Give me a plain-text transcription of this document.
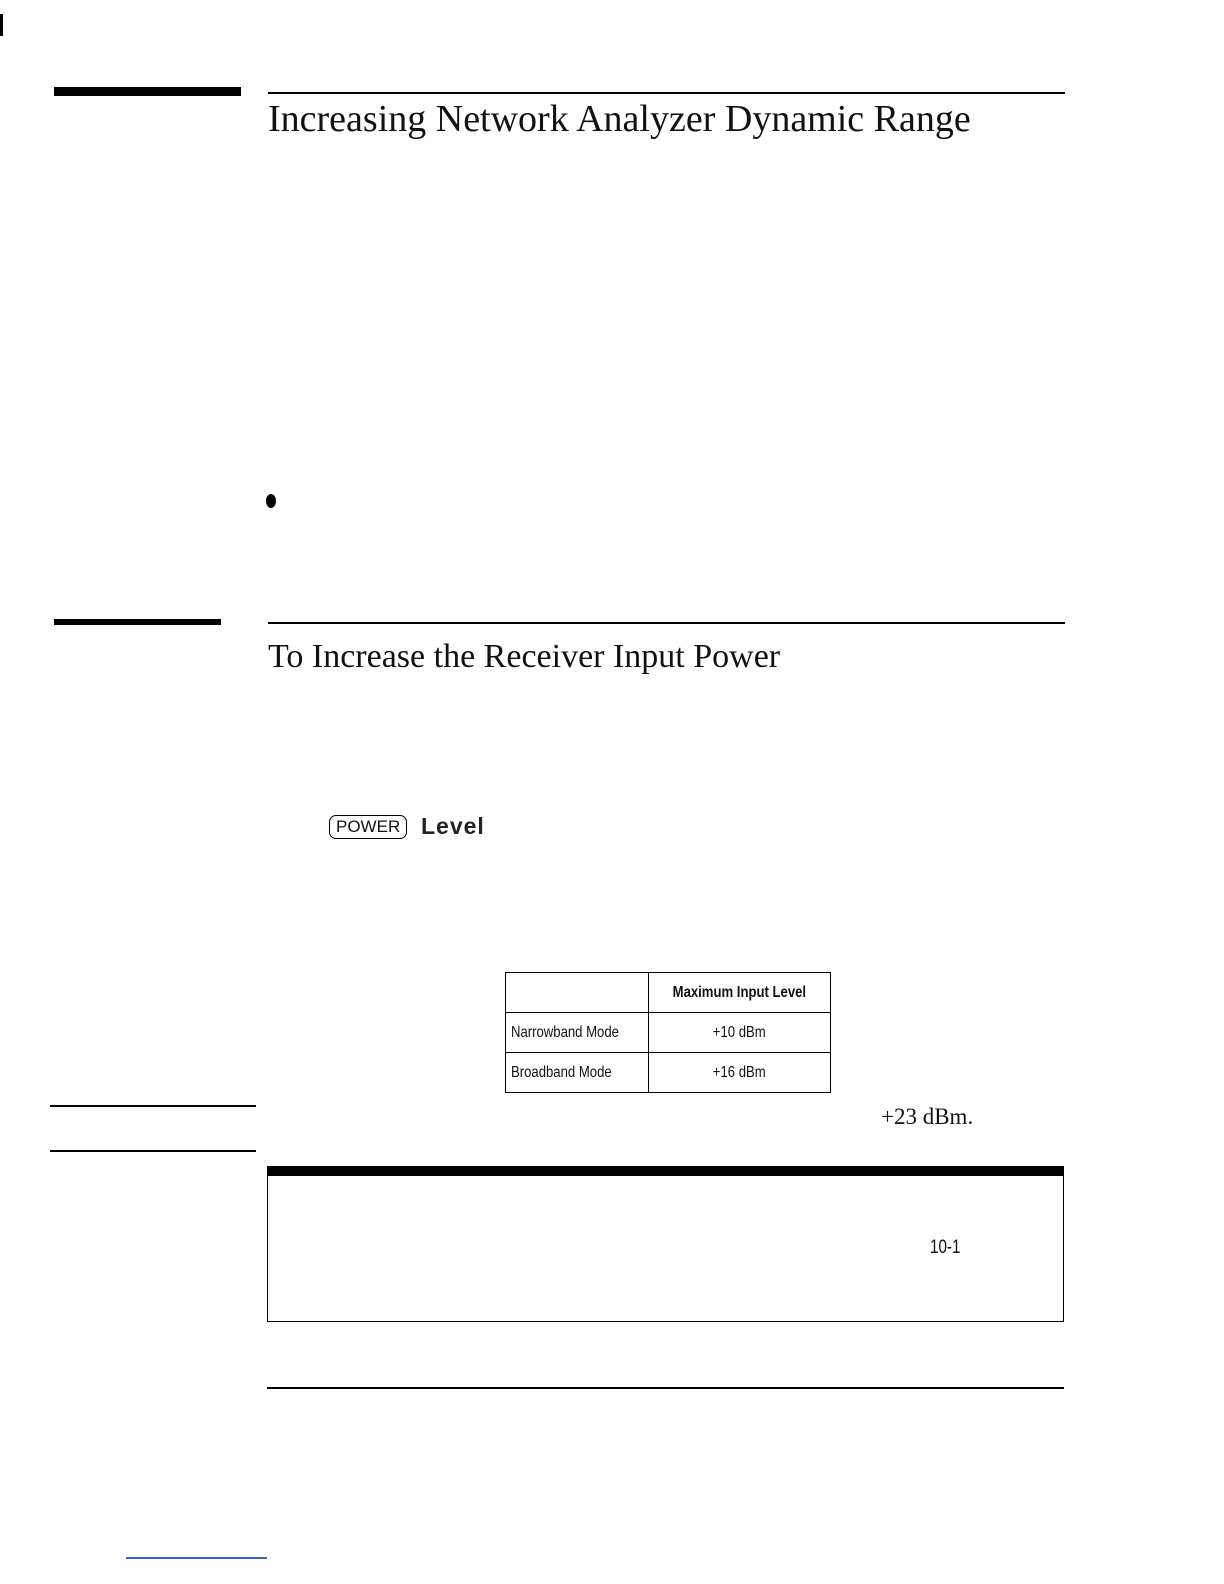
Increasing Network Analyzer Dynamic Range
To Increase the Receiver Input Power
POWER Level
	Maximum Input Level
Narrowband Mode	+10 dBm
Broadband Mode	+16 dBm
+23 dBm.
10-1
